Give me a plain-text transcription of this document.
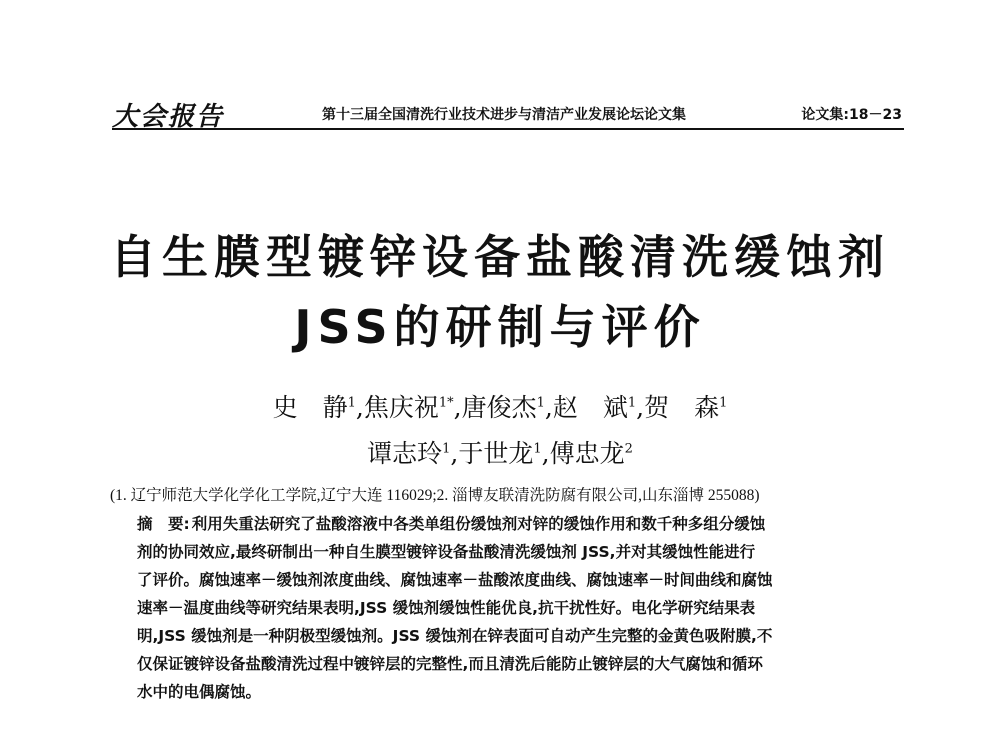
大会报告	第十三届全国清洗行业技术进步与清洁产业发展论坛论文集	论文集:18－23
自生膜型镀锌设备盐酸清洗缓蚀剂
JSS的研制与评价
史　静$^1$,焦庆祝$^{1*}$,唐俊杰$^1$,赵　斌$^1$,贺　森$^1$
谭志玲$^1$,于世龙$^1$,傅忠龙$^2$
(1. 辽宁师范大学化学化工学院,辽宁大连 116029;2. 淄博友联清洗防腐有限公司,山东淄博 255088)
摘　要: 利用失重法研究了盐酸溶液中各类单组份缓蚀剂对锌的缓蚀作用和数千种多组分缓蚀
剂的协同效应,最终研制出一种自生膜型镀锌设备盐酸清洗缓蚀剂 JSS,并对其缓蚀性能进行
了评价。腐蚀速率－缓蚀剂浓度曲线、腐蚀速率－盐酸浓度曲线、腐蚀速率－时间曲线和腐蚀
速率－温度曲线等研究结果表明,JSS 缓蚀剂缓蚀性能优良,抗干扰性好。电化学研究结果表
明,JSS 缓蚀剂是一种阴极型缓蚀剂。JSS 缓蚀剂在锌表面可自动产生完整的金黄色吸附膜,不
仅保证镀锌设备盐酸清洗过程中镀锌层的完整性,而且清洗后能防止镀锌层的大气腐蚀和循环
水中的电偶腐蚀。
